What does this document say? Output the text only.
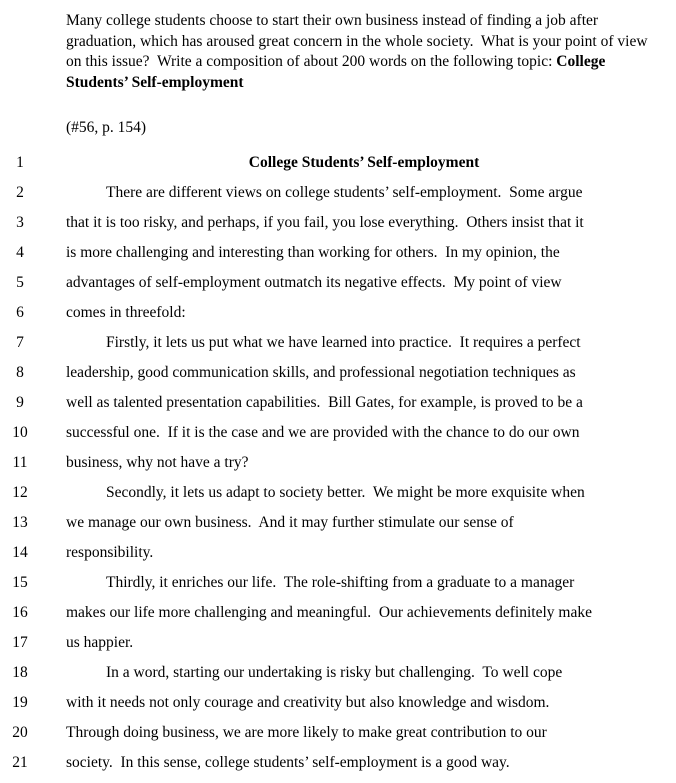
Many college students choose to start their own business instead of finding a job after graduation, which has aroused great concern in the whole society.  What is your point of view on this issue?  Write a composition of about 200 words on the following topic: College Students’ Self-employment
(#56, p. 154)
1	College Students’ Self-employment
2	There are different views on college students’ self-employment.  Some argue
3	that it is too risky, and perhaps, if you fail, you lose everything.  Others insist that it
4	is more challenging and interesting than working for others.  In my opinion, the
5	advantages of self-employment outmatch its negative effects.  My point of view
6	comes in threefold:
7	Firstly, it lets us put what we have learned into practice.  It requires a perfect
8	leadership, good communication skills, and professional negotiation techniques as
9	well as talented presentation capabilities.  Bill Gates, for example, is proved to be a
10	successful one.  If it is the case and we are provided with the chance to do our own
11	business, why not have a try?
12	Secondly, it lets us adapt to society better.  We might be more exquisite when
13	we manage our own business.  And it may further stimulate our sense of
14	responsibility.
15	Thirdly, it enriches our life.  The role-shifting from a graduate to a manager
16	makes our life more challenging and meaningful.  Our achievements definitely make
17	us happier.
18	In a word, starting our undertaking is risky but challenging.  To well cope
19	with it needs not only courage and creativity but also knowledge and wisdom.
20	Through doing business, we are more likely to make great contribution to our
21	society.  In this sense, college students’ self-employment is a good way.
